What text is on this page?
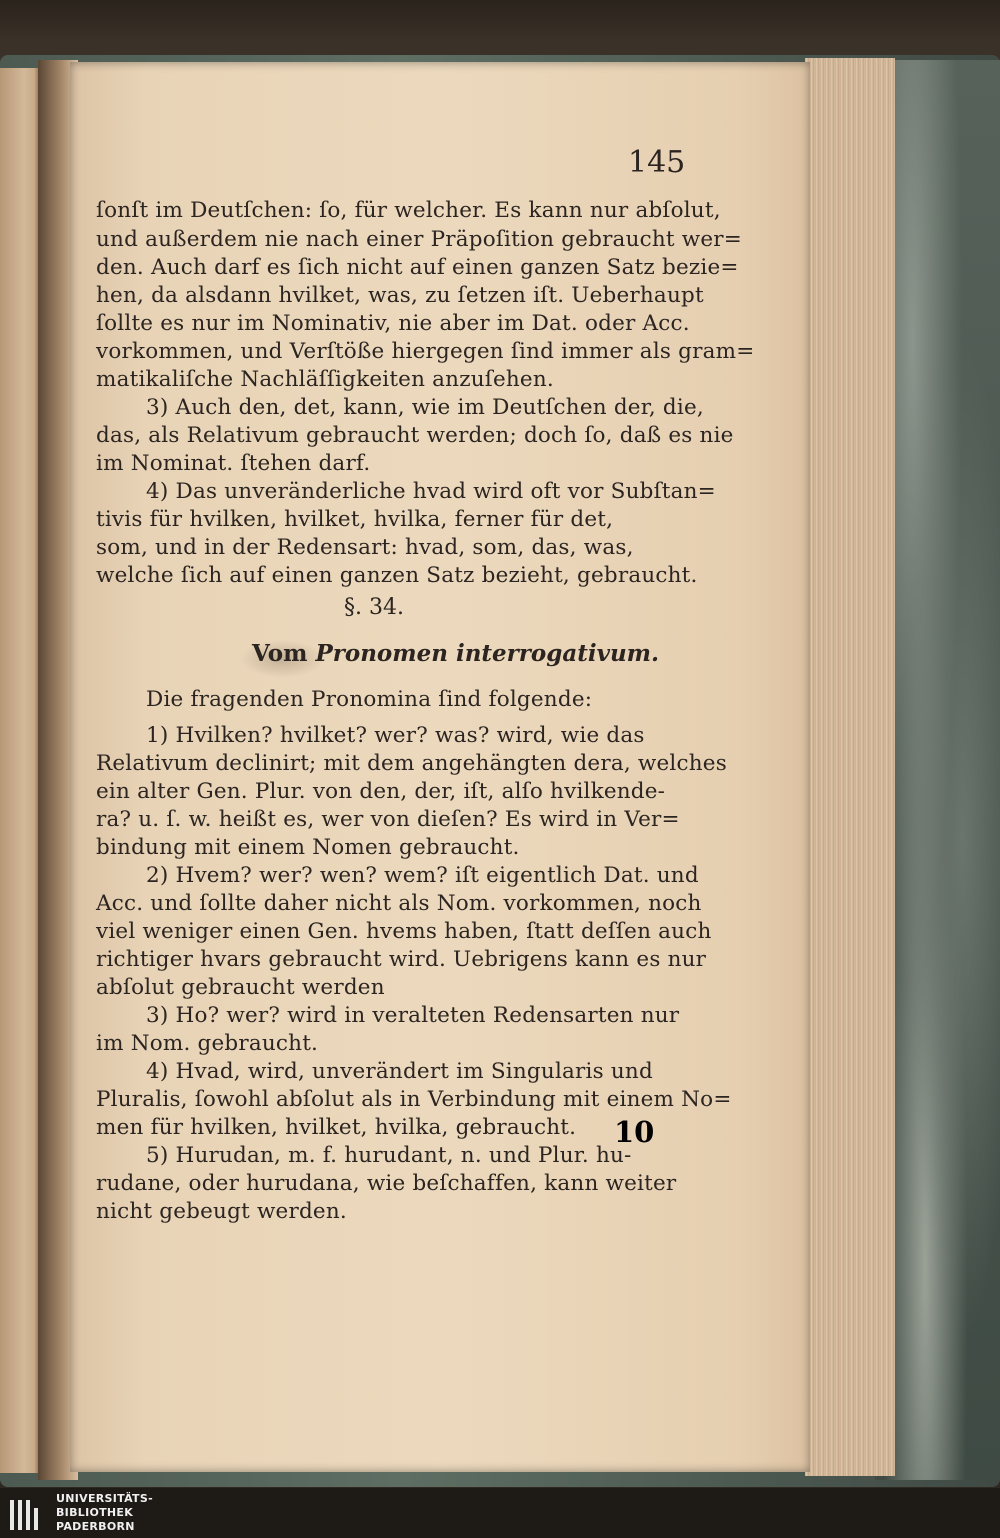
145
ſonſt im Deutſchen: ſo, für welcher. Es kann nur abſolut,
und außerdem nie nach einer Präpoſition gebraucht wer=
den. Auch darf es ſich nicht auf einen ganzen Satz bezie=
hen, da alsdann hvilket, was, zu ſetzen iſt. Ueberhaupt
ſollte es nur im Nominativ, nie aber im Dat. oder Acc.
vorkommen, und Verſtöße hiergegen ſind immer als gram=
matikaliſche Nachläſſigkeiten anzuſehen.
3) Auch den, det, kann, wie im Deutſchen der, die,
das, als Relativum gebraucht werden; doch ſo, daß es nie
im Nominat. ſtehen darf.
4) Das unveränderliche hvad wird oft vor Subſtan=
tivis für hvilken, hvilket, hvilka, ferner für det,
som, und in der Redensart: hvad, som, das, was,
welche ſich auf einen ganzen Satz bezieht, gebraucht.
§. 34.
Vom Pronomen interrogativum.
Die fragenden Pronomina ſind folgende:
1) Hvilken? hvilket? wer? was? wird, wie das
Relativum declinirt; mit dem angehängten dera, welches
ein alter Gen. Plur. von den, der, iſt, alſo hvilkende-
ra? u. ſ. w. heißt es, wer von dieſen? Es wird in Ver=
bindung mit einem Nomen gebraucht.
2) Hvem? wer? wen? wem? iſt eigentlich Dat. und
Acc. und ſollte daher nicht als Nom. vorkommen, noch
viel weniger einen Gen. hvems haben, ſtatt deſſen auch
richtiger hvars gebraucht wird. Uebrigens kann es nur
abſolut gebraucht werden
3) Ho? wer? wird in veralteten Redensarten nur
im Nom. gebraucht.
4) Hvad, wird, unverändert im Singularis und
Pluralis, ſowohl abſolut als in Verbindung mit einem No=
men für hvilken, hvilket, hvilka, gebraucht.
5) Hurudan, m. f. hurudant, n. und Plur. hu-
rudane, oder hurudana, wie beſchaffen, kann weiter
nicht gebeugt werden.
10
UNIVERSITÄTS-
BIBLIOTHEK
PADERBORN
